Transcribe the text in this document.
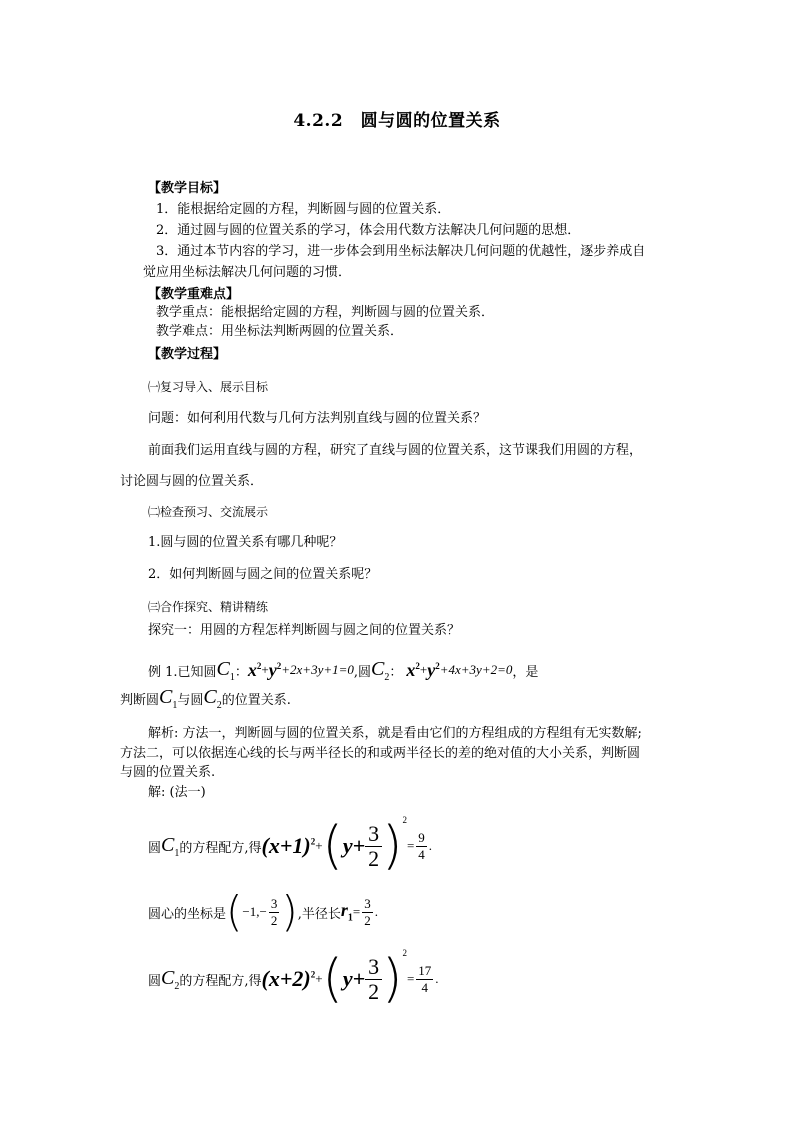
4.2.2　圆与圆的位置关系
【教学目标】
1．能根据给定圆的方程，判断圆与圆的位置关系．
2．通过圆与圆的位置关系的学习，体会用代数方法解决几何问题的思想．
3．通过本节内容的学习，进一步体会到用坐标法解决几何问题的优越性，逐步养成自
觉应用坐标法解决几何问题的习惯．
【教学重难点】
教学重点：能根据给定圆的方程，判断圆与圆的位置关系．
教学难点：用坐标法判断两圆的位置关系．
【教学过程】
㈠复习导入、展示目标
问题：如何利用代数与几何方法判别直线与圆的位置关系？
前面我们运用直线与圆的方程，研究了直线与圆的位置关系，这节课我们用圆的方程，
讨论圆与圆的位置关系．
㈡检查预习、交流展示
1.圆与圆的位置关系有哪几种呢？
2．如何判断圆与圆之间的位置关系呢？
㈢合作探究、精讲精练
探究一：用圆的方程怎样判断圆与圆之间的位置关系？
例 1.已知圆 $C_1$ ： $x^2 + y^2 +2x+3y+1=0$ ,圆 $C_2$ ： $x^2 + y^2 +4x+3y+2=0$ ，是
判断圆 $C_1$ 与圆 $C_2$ 的位置关系.
解析: 方法一，判断圆与圆的位置关系，就是看由它们的方程组成的方程组有无实数解;
方法二，可以依据连心线的长与两半径长的和或两半径长的差的绝对值的大小关系，判断圆
与圆的位置关系.
解: (法一)
圆 $C_1$ 的方程配方,得 $(x+1)^2$ + ( $y+ \frac{3}{2} )^2$
= $\frac{9}{4}$ .
圆心的坐标是 ( $-1,- \frac{3}{2}$ ) ,半径长 $r_1 = \frac{3}{2}$ .
圆 $C_2$ 的方程配方,得 $(x+2)^2$ + ( $y+ \frac{3}{2} )^2$
= $\frac{17}{4}$ .
